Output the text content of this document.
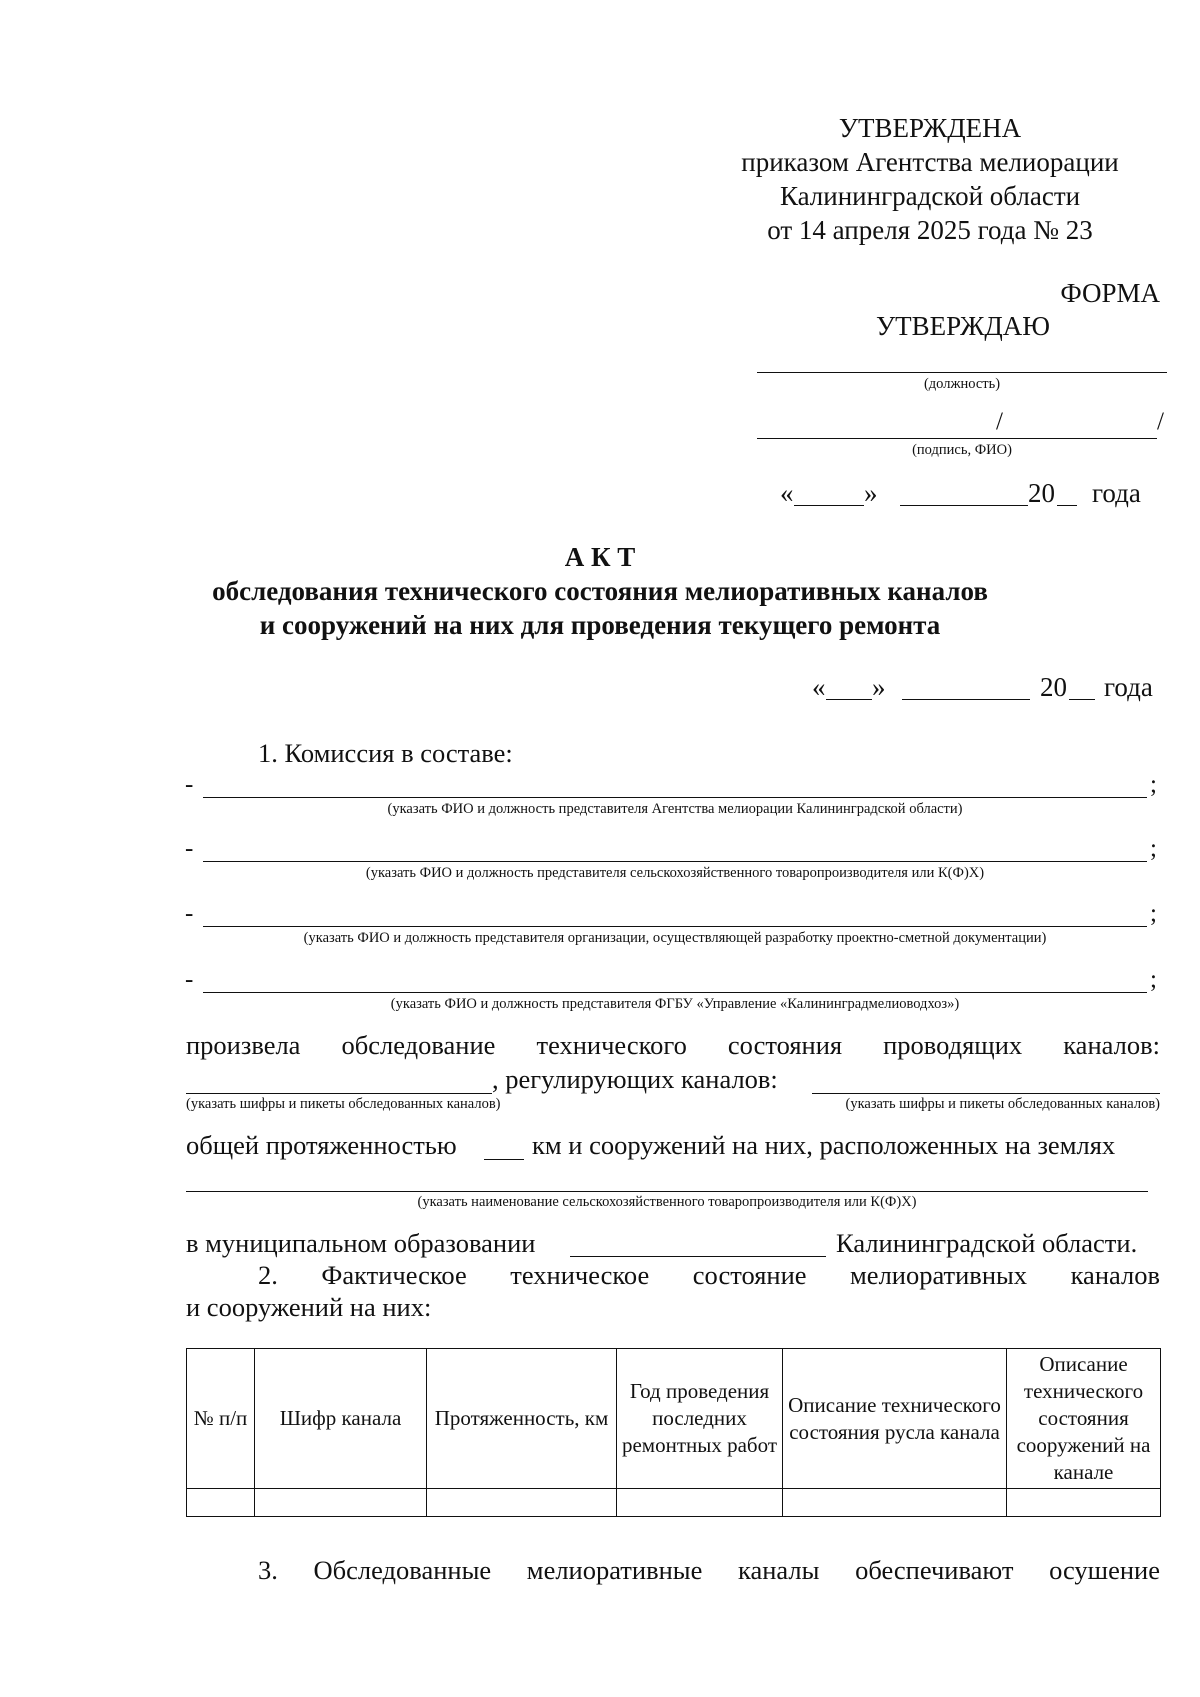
УТВЕРЖДЕНА
приказом Агентства мелиорации
Калининградской области
от 14 апреля 2025 года № 23
ФОРМА
УТВЕРЖДАЮ
(должность)
/	/
(подпись, ФИО)
«	»	20 года
А К Т
обследования технического состояния мелиоративных каналов
и сооружений на них для проведения текущего ремонта
« »	20 года
1. Комиссия в составе:
-	;
(указать ФИО и должность представителя Агентства мелиорации Калининградской области)
-	;
(указать ФИО и должность представителя сельскохозяйственного товаропроизводителя или К(Ф)Х)
-	;
(указать ФИО и должность представителя организации, осуществляющей разработку проектно-сметной документации)
-	;
(указать ФИО и должность представителя ФГБУ «Управление «Калининградмелиоводхоз»)
произвела обследование технического состояния проводящих каналов:
, регулирующих каналов:
(указать шифры и пикеты обследованных каналов)	(указать шифры и пикеты обследованных каналов)
общей протяженностью	км и сооружений на них, расположенных на землях
(указать наименование сельскохозяйственного товаропроизводителя или К(Ф)Х)
в муниципальном образовании	Калининградской области.
2. Фактическое техническое состояние мелиоративных каналов
и сооружений на них:
№ п/п	Шифр канала	Протяженность, км	Год проведения последних ремонтных работ	Описание технического состояния русла канала	Описание технического состояния сооружений на канале

3. Обследованные мелиоративные каналы обеспечивают осушение
